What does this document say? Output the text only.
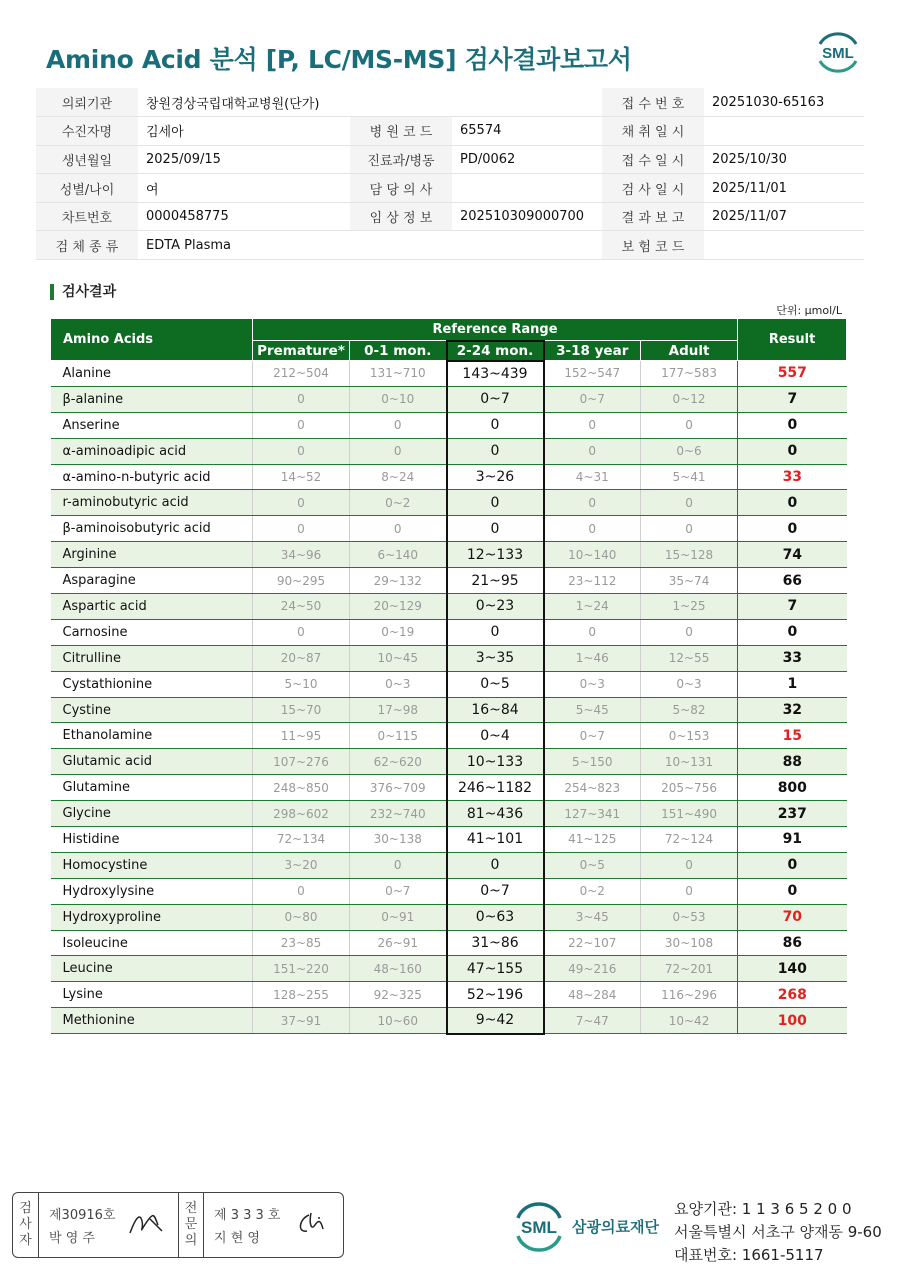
Amino Acid 분석 [P, LC/MS-MS] 검사결과보고서	SML
의뢰기관	창원경상국립대학교병원(단가)			접 수 번 호	20251030-65163
수진자명	김세아	병 원 코 드	65574	채 취 일 시	
생년월일	2025/09/15	진료과/병동	PD/0062	접 수 일 시	2025/10/30
성별/나이	여	담 당 의 사		검 사 일 시	2025/11/01
차트번호	0000458775	임 상 정 보	202510309000700	결 과 보 고	2025/11/07
검 체 종 류	EDTA Plasma			보 험 코 드	
검사결과
단위: μmol/L
Amino Acids	Reference Range					Result
	Premature*	0-1 mon.	2-24 mon.	3-18 year	Adult	
Alanine	212~504	131~710	143~439	152~547	177~583	557
β-alanine	0	0~10	0~7	0~7	0~12	7
Anserine	0	0	0	0	0	0
α-aminoadipic acid	0	0	0	0	0~6	0
α-amino-n-butyric acid	14~52	8~24	3~26	4~31	5~41	33
r-aminobutyric acid	0	0~2	0	0	0	0
β-aminoisobutyric acid	0	0	0	0	0	0
Arginine	34~96	6~140	12~133	10~140	15~128	74
Asparagine	90~295	29~132	21~95	23~112	35~74	66
Aspartic acid	24~50	20~129	0~23	1~24	1~25	7
Carnosine	0	0~19	0	0	0	0
Citrulline	20~87	10~45	3~35	1~46	12~55	33
Cystathionine	5~10	0~3	0~5	0~3	0~3	1
Cystine	15~70	17~98	16~84	5~45	5~82	32
Ethanolamine	11~95	0~115	0~4	0~7	0~153	15
Glutamic acid	107~276	62~620	10~133	5~150	10~131	88
Glutamine	248~850	376~709	246~1182	254~823	205~756	800
Glycine	298~602	232~740	81~436	127~341	151~490	237
Histidine	72~134	30~138	41~101	41~125	72~124	91
Homocystine	3~20	0	0	0~5	0	0
Hydroxylysine	0	0~7	0~7	0~2	0	0
Hydroxyproline	0~80	0~91	0~63	3~45	0~53	70
Isoleucine	23~85	26~91	31~86	22~107	30~108	86
Leucine	151~220	48~160	47~155	49~216	72~201	140
Lysine	128~255	92~325	52~196	48~284	116~296	268
Methionine	37~91	10~60	9~42	7~47	10~42	100
검
사
자
제30916호
박 영 주
전
문
의
제 3 3 3 호
지 현 영
SML 삼광의료재단
요양기관: 1 1 3 6 5 2 0 0
서울특별시 서초구 양재동 9-60
대표번호: 1661-5117
